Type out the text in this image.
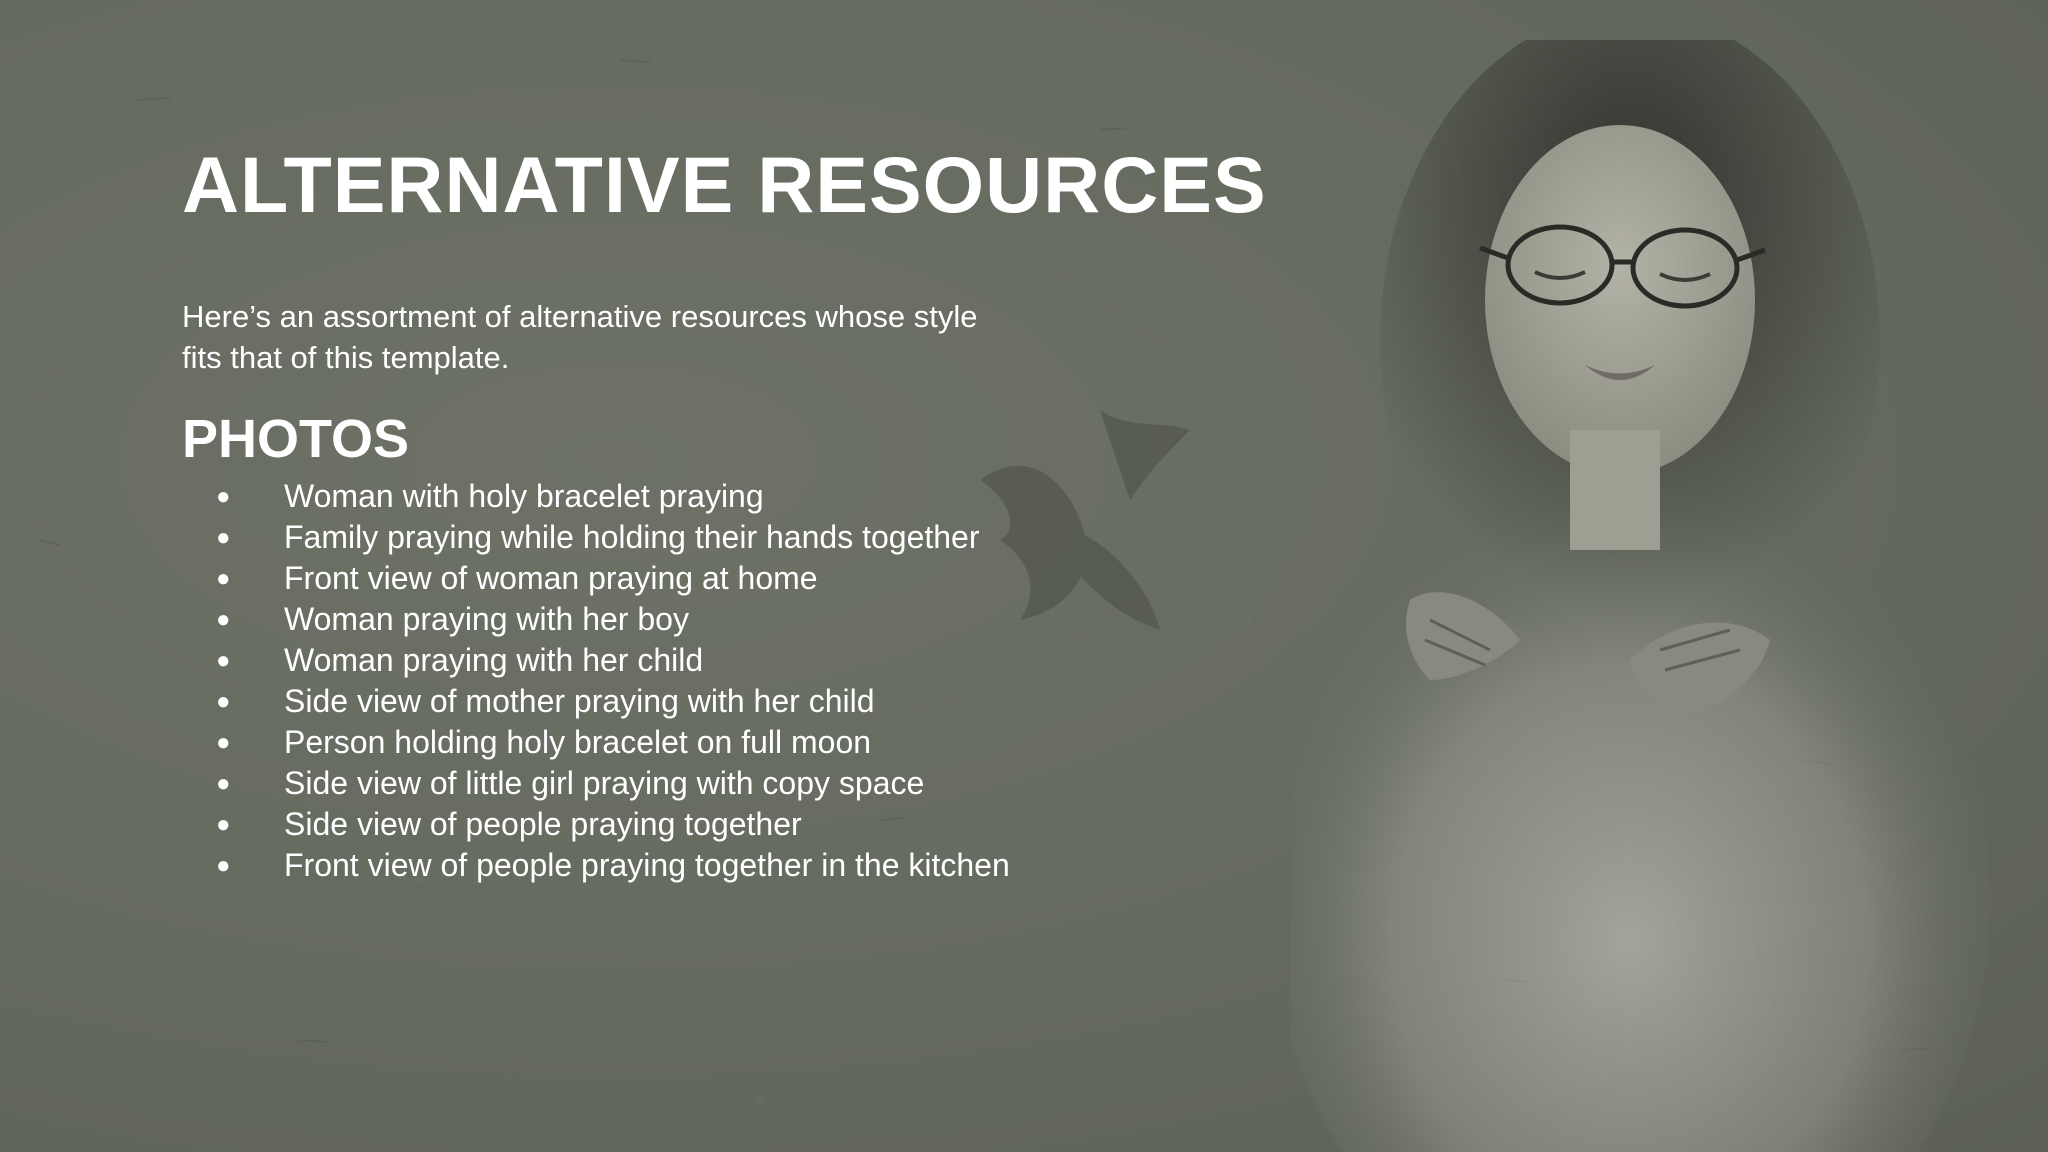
ALTERNATIVE RESOURCES

Here’s an assortment of alternative resources whose style fits that of this template.

PHOTOS
● Woman with holy bracelet praying
● Family praying while holding their hands together
● Front view of woman praying at home
● Woman praying with her boy
● Woman praying with her child
● Side view of mother praying with her child
● Person holding holy bracelet on full moon
● Side view of little girl praying with copy space
● Side view of people praying together
● Front view of people praying together in the kitchen
